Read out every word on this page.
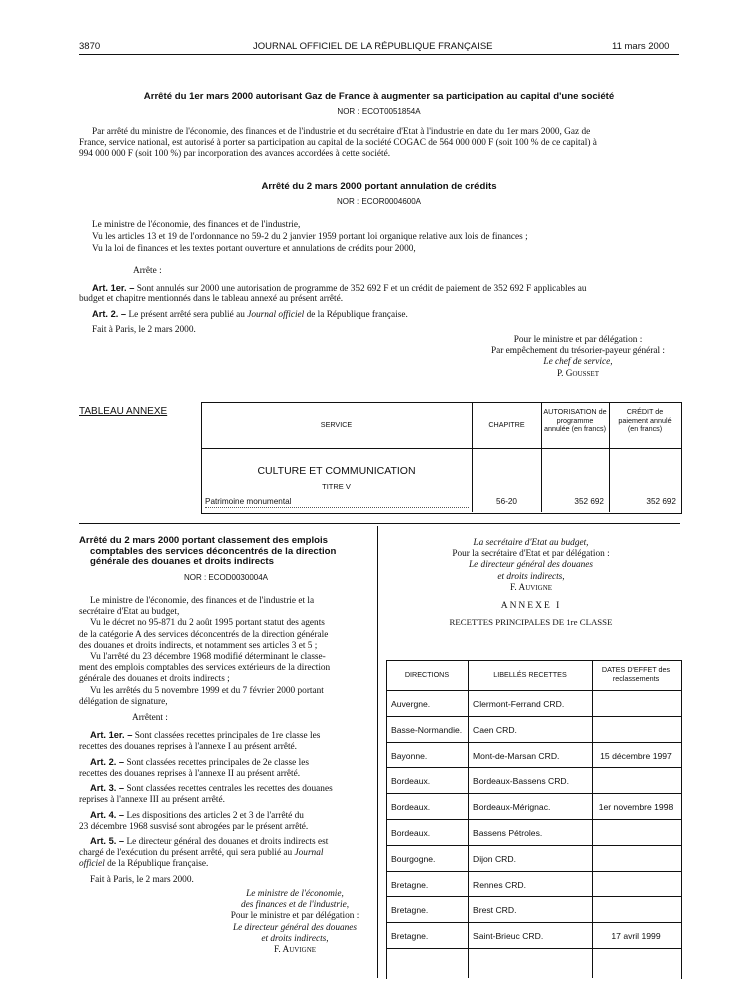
3870	JOURNAL OFFICIEL DE LA RÉPUBLIQUE FRANÇAISE	11 mars 2000
Arrêté du 1er mars 2000 autorisant Gaz de France à augmenter sa participation au capital d'une société
NOR : ECOT0051854A
Par arrêté du ministre de l'économie, des finances et de l'industrie et du secrétaire d'Etat à l'industrie en date du 1er mars 2000, Gaz de
France, service national, est autorisé à porter sa participation au capital de la société COGAC de 564 000 000 F (soit 100 % de ce capital) à
994 000 000 F (soit 100 %) par incorporation des avances accordées à cette société.
Arrêté du 2 mars 2000 portant annulation de crédits
NOR : ECOR0004600A
Le ministre de l'économie, des finances et de l'industrie,
Vu les articles 13 et 19 de l'ordonnance no 59-2 du 2 janvier 1959 portant loi organique relative aux lois de finances ;
Vu la loi de finances et les textes portant ouverture et annulations de crédits pour 2000,
Arrête :
Art. 1er. – Sont annulés sur 2000 une autorisation de programme de 352 692 F et un crédit de paiement de 352 692 F applicables au
budget et chapitre mentionnés dans le tableau annexé au présent arrêté.
Art. 2. – Le présent arrêté sera publié au Journal officiel de la République française.
Fait à Paris, le 2 mars 2000.
Pour le ministre et par délégation :
Par empêchement du trésorier-payeur général :
Le chef de service,
P. Gousset
TABLEAU ANNEXE
SERVICE	CHAPITRE
AUTORISATION de programme annulée (en francs)
CRÉDIT de paiement annulé (en francs)
CULTURE ET COMMUNICATION
TITRE V
Patrimoine monumental	56-20	352 692	352 692
Arrêté du 2 mars 2000 portant classement des emplois
comptables des services déconcentrés de la direction
générale des douanes et droits indirects
NOR : ECOD0030004A
Le ministre de l'économie, des finances et de l'industrie et la
secrétaire d'Etat au budget,
Vu le décret no 95-871 du 2 août 1995 portant statut des agents
de la catégorie A des services déconcentrés de la direction générale
des douanes et droits indirects, et notamment ses articles 3 et 5 ;
Vu l'arrêté du 23 décembre 1968 modifié déterminant le classe-
ment des emplois comptables des services extérieurs de la direction
générale des douanes et droits indirects ;
Vu les arrêtés du 5 novembre 1999 et du 7 février 2000 portant
délégation de signature,
Arrêtent :
Art. 1er. – Sont classées recettes principales de 1re classe les
recettes des douanes reprises à l'annexe I au présent arrêté.
Art. 2. – Sont classées recettes principales de 2e classe les
recettes des douanes reprises à l'annexe II au présent arrêté.
Art. 3. – Sont classées recettes centrales les recettes des douanes
reprises à l'annexe III au présent arrêté.
Art. 4. – Les dispositions des articles 2 et 3 de l'arrêté du
23 décembre 1968 susvisé sont abrogées par le présent arrêté.
Art. 5. – Le directeur général des douanes et droits indirects est
chargé de l'exécution du présent arrêté, qui sera publié au Journal
officiel de la République française.
Fait à Paris, le 2 mars 2000.
Le ministre de l'économie,
des finances et de l'industrie,
Pour le ministre et par délégation :
Le directeur général des douanes
et droits indirects,
F. Auvigne
La secrétaire d'Etat au budget,
Pour la secrétaire d'Etat et par délégation :
Le directeur général des douanes
et droits indirects,
F. Auvigne
ANNEXE I
RECETTES PRINCIPALES DE 1re CLASSE
DIRECTIONS	LIBELLÉS RECETTES
DATES D'EFFET des reclassements
Auvergne.	Clermont-Ferrand CRD.
Basse-Normandie. Caen CRD.
Bayonne.	Mont-de-Marsan CRD.	15 décembre 1997
Bordeaux.	Bordeaux-Bassens CRD.
Bordeaux.	Bordeaux-Mérignac.	1er novembre 1998
Bordeaux.	Bassens Pétroles.
Bourgogne.	Dijon CRD.
Bretagne.	Rennes CRD.
Bretagne.	Brest CRD.
Bretagne.	Saint-Brieuc CRD.	17 avril 1999
